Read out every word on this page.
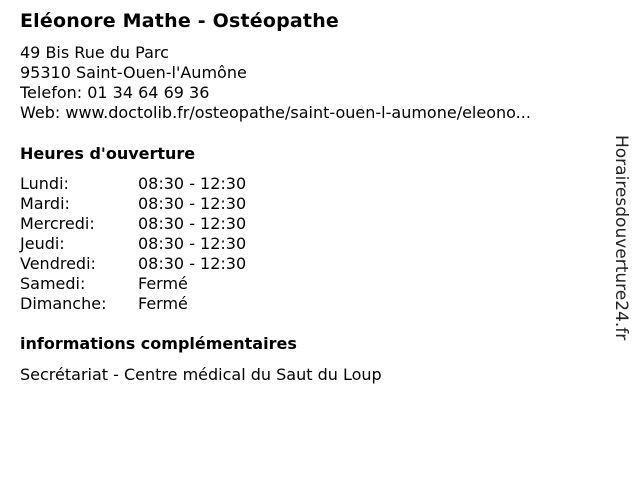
Eléonore Mathe - Ostéopathe
49 Bis Rue du Parc
95310 Saint-Ouen-l'Aumône
Telefon: 01 34 64 69 36
Web: www.doctolib.fr/osteopathe/saint-ouen-l-aumone/eleono...
Heures d'ouverture
Lundi:	08:30 - 12:30
Mardi:	08:30 - 12:30
Mercredi:	08:30 - 12:30
Jeudi:	08:30 - 12:30
Vendredi:	08:30 - 12:30
Samedi:	Fermé
Dimanche: Fermé
informations complémentaires
Secrétariat - Centre médical du Saut du Loup
Horairesdouverture24.fr
